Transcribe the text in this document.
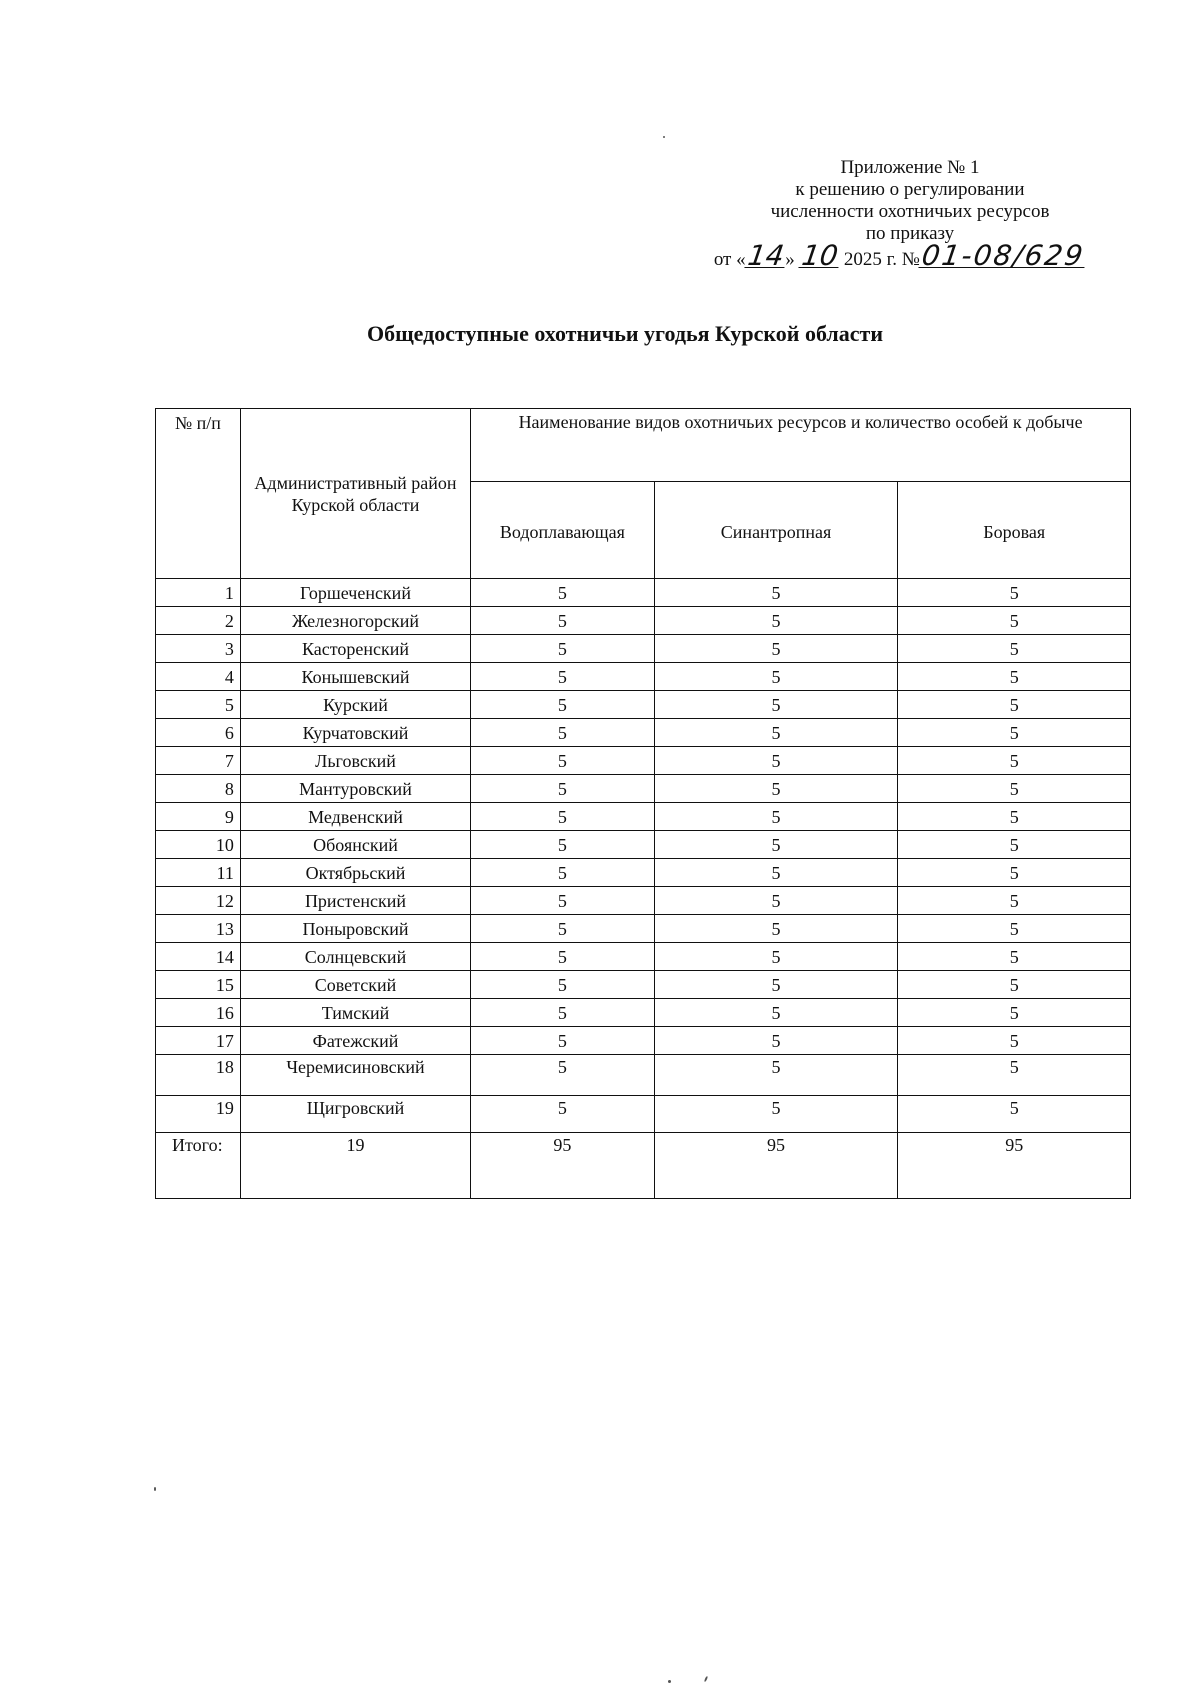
Приложение № 1
к решению о регулировании
численности охотничьих ресурсов
по приказу
от «14» 10 2025 г. №01-08/629
Общедоступные охотничьи угодья Курской области
№ п/п	Административный район Курской области	Наименование видов охотничьих ресурсов и количество особей к добыче		
		Водоплавающая	Синантропная	Боровая
1	Горшеченский	5	5	5
2	Железногорский	5	5	5
3	Касторенский	5	5	5
4	Конышевский	5	5	5
5	Курский	5	5	5
6	Курчатовский	5	5	5
7	Льговский	5	5	5
8	Мантуровский	5	5	5
9	Медвенский	5	5	5
10	Обоянский	5	5	5
11	Октябрьский	5	5	5
12	Пристенский	5	5	5
13	Поныровский	5	5	5
14	Солнцевский	5	5	5
15	Советский	5	5	5
16	Тимский	5	5	5
17	Фатежский	5	5	5
18	Черемисиновский	5	5	5
19	Щигровский	5	5	5
Итого:	19	95	95	95
